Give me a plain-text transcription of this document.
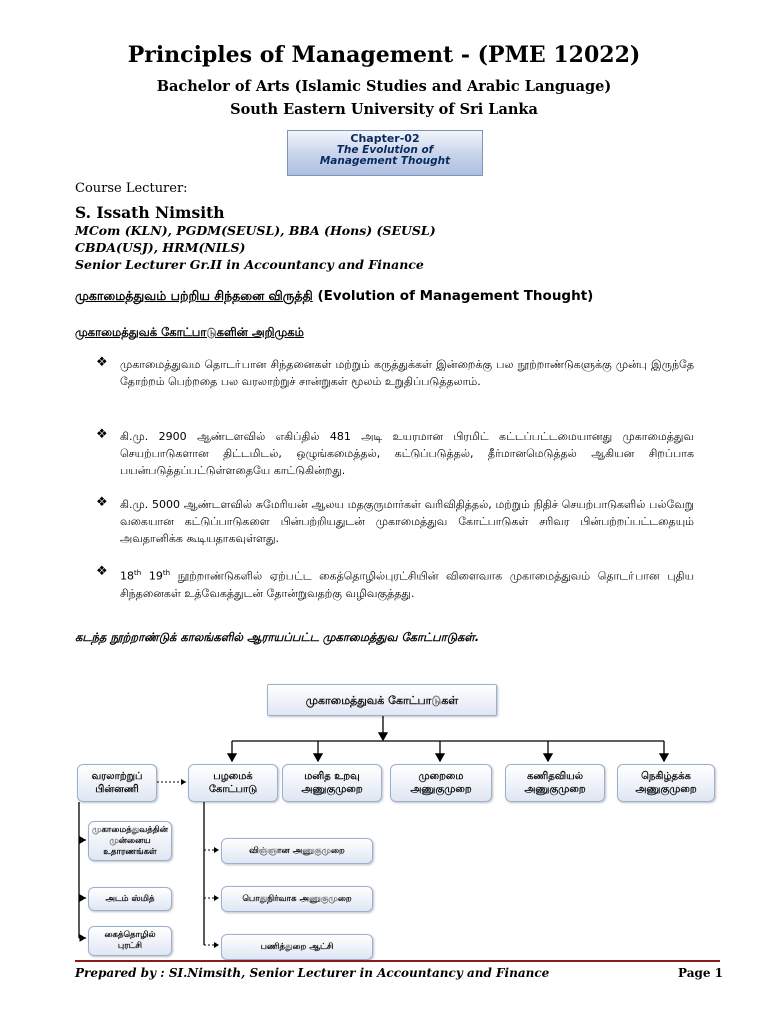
Principles of Management - (PME 12022)
Bachelor of Arts (Islamic Studies and Arabic Language)
South Eastern University of Sri Lanka
Chapter-02
The Evolution of
Management Thought
Course Lecturer:
S. Issath Nimsith
MCom (KLN), PGDM(SEUSL), BBA (Hons) (SEUSL)
CBDA(USJ), HRM(NILS)
Senior Lecturer Gr.II in Accountancy and Finance
முகாமைத்துவம் பற்றிய சிந்தனை விருத்தி (Evolution of Management Thought)
முகாமைத்துவக் கோட்பாடுகளின் அறிமுகம்
❖ முகாமைத்துவம தொடா்பான சிந்தனைகள் மற்றும் கருத்துக்கள் இன்றைக்கு பல நூற்றாண்டுகளுக்கு முன்பு இருந்தே தோற்றம் பெற்றதை பல வரலாற்றுச் சான்றுகள் மூலம் உறுதிப்படுத்தலாம்.
❖ கி.மு. 2900 ஆண்டளவில் எகிப்தில் 481 அடி உயரமான பிரமிட் கட்டப்பட்டமையானது முகாமைத்துவ செயற்பாடுகளான திட்டமிடல், ஒழுங்கமைத்தல், கட்டுப்படுத்தல், தீர்மானமெடுத்தல் ஆகியன சிறப்பாக பயன்படுத்தப்பட்டுள்ளதையே காட்டுகின்றது.
❖ கி.மு. 5000 ஆண்டளவில் சுமேரியன் ஆலய மதகுருமார்கள் வரிவிதித்தல், மற்றும் நிதிச் செயற்பாடுகளில் பல்வேறு வகையான கட்டுப்பாடுகளை பின்பற்றியதுடன் முகாமைத்துவ கோட்பாடுகள் சரிவர பின்பற்றப்பட்டதையும் அவதானிக்க கூடியதாகவுள்ளது.
❖ 18th 19th நூற்றாண்டுகளில் ஏற்பட்ட கைத்தொழில்புரட்சியின் விளைவாக முகாமைத்துவம் தொடா்பான புதிய சிந்தனைகள் உத்வேகத்துடன் தோன்றுவதற்கு வழிவகுத்தது.
கடந்த நூற்றாண்டுக் காலங்களில் ஆராயப்பட்ட முகாமைத்துவ கோட்பாடுகள்.
முகாமைத்துவக் கோட்பாடுகள்
வரலாற்றுப்
பின்னணி
பழமைக்
கோட்பாடு
மனித உறவு
அணுகுமுறை
முறைமை
அணுகுமுறை
கணிதவியல்
அணுகுமுறை
நெகிழ்தக்க
அணுகுமுறை
முகாமைத்துவத்தின்
முன்னைய
உதாரணங்கள்
அடம் ஸ்மித்
கைத்தொழில்
புரட்சி
விஞ்ஞான அணுகுமுறை
பொதுநிர்வாக அணுகுமுறை
பணித்துறை ஆட்சி
Prepared by : SI.Nimsith, Senior Lecturer in Accountancy and Finance	Page 1
